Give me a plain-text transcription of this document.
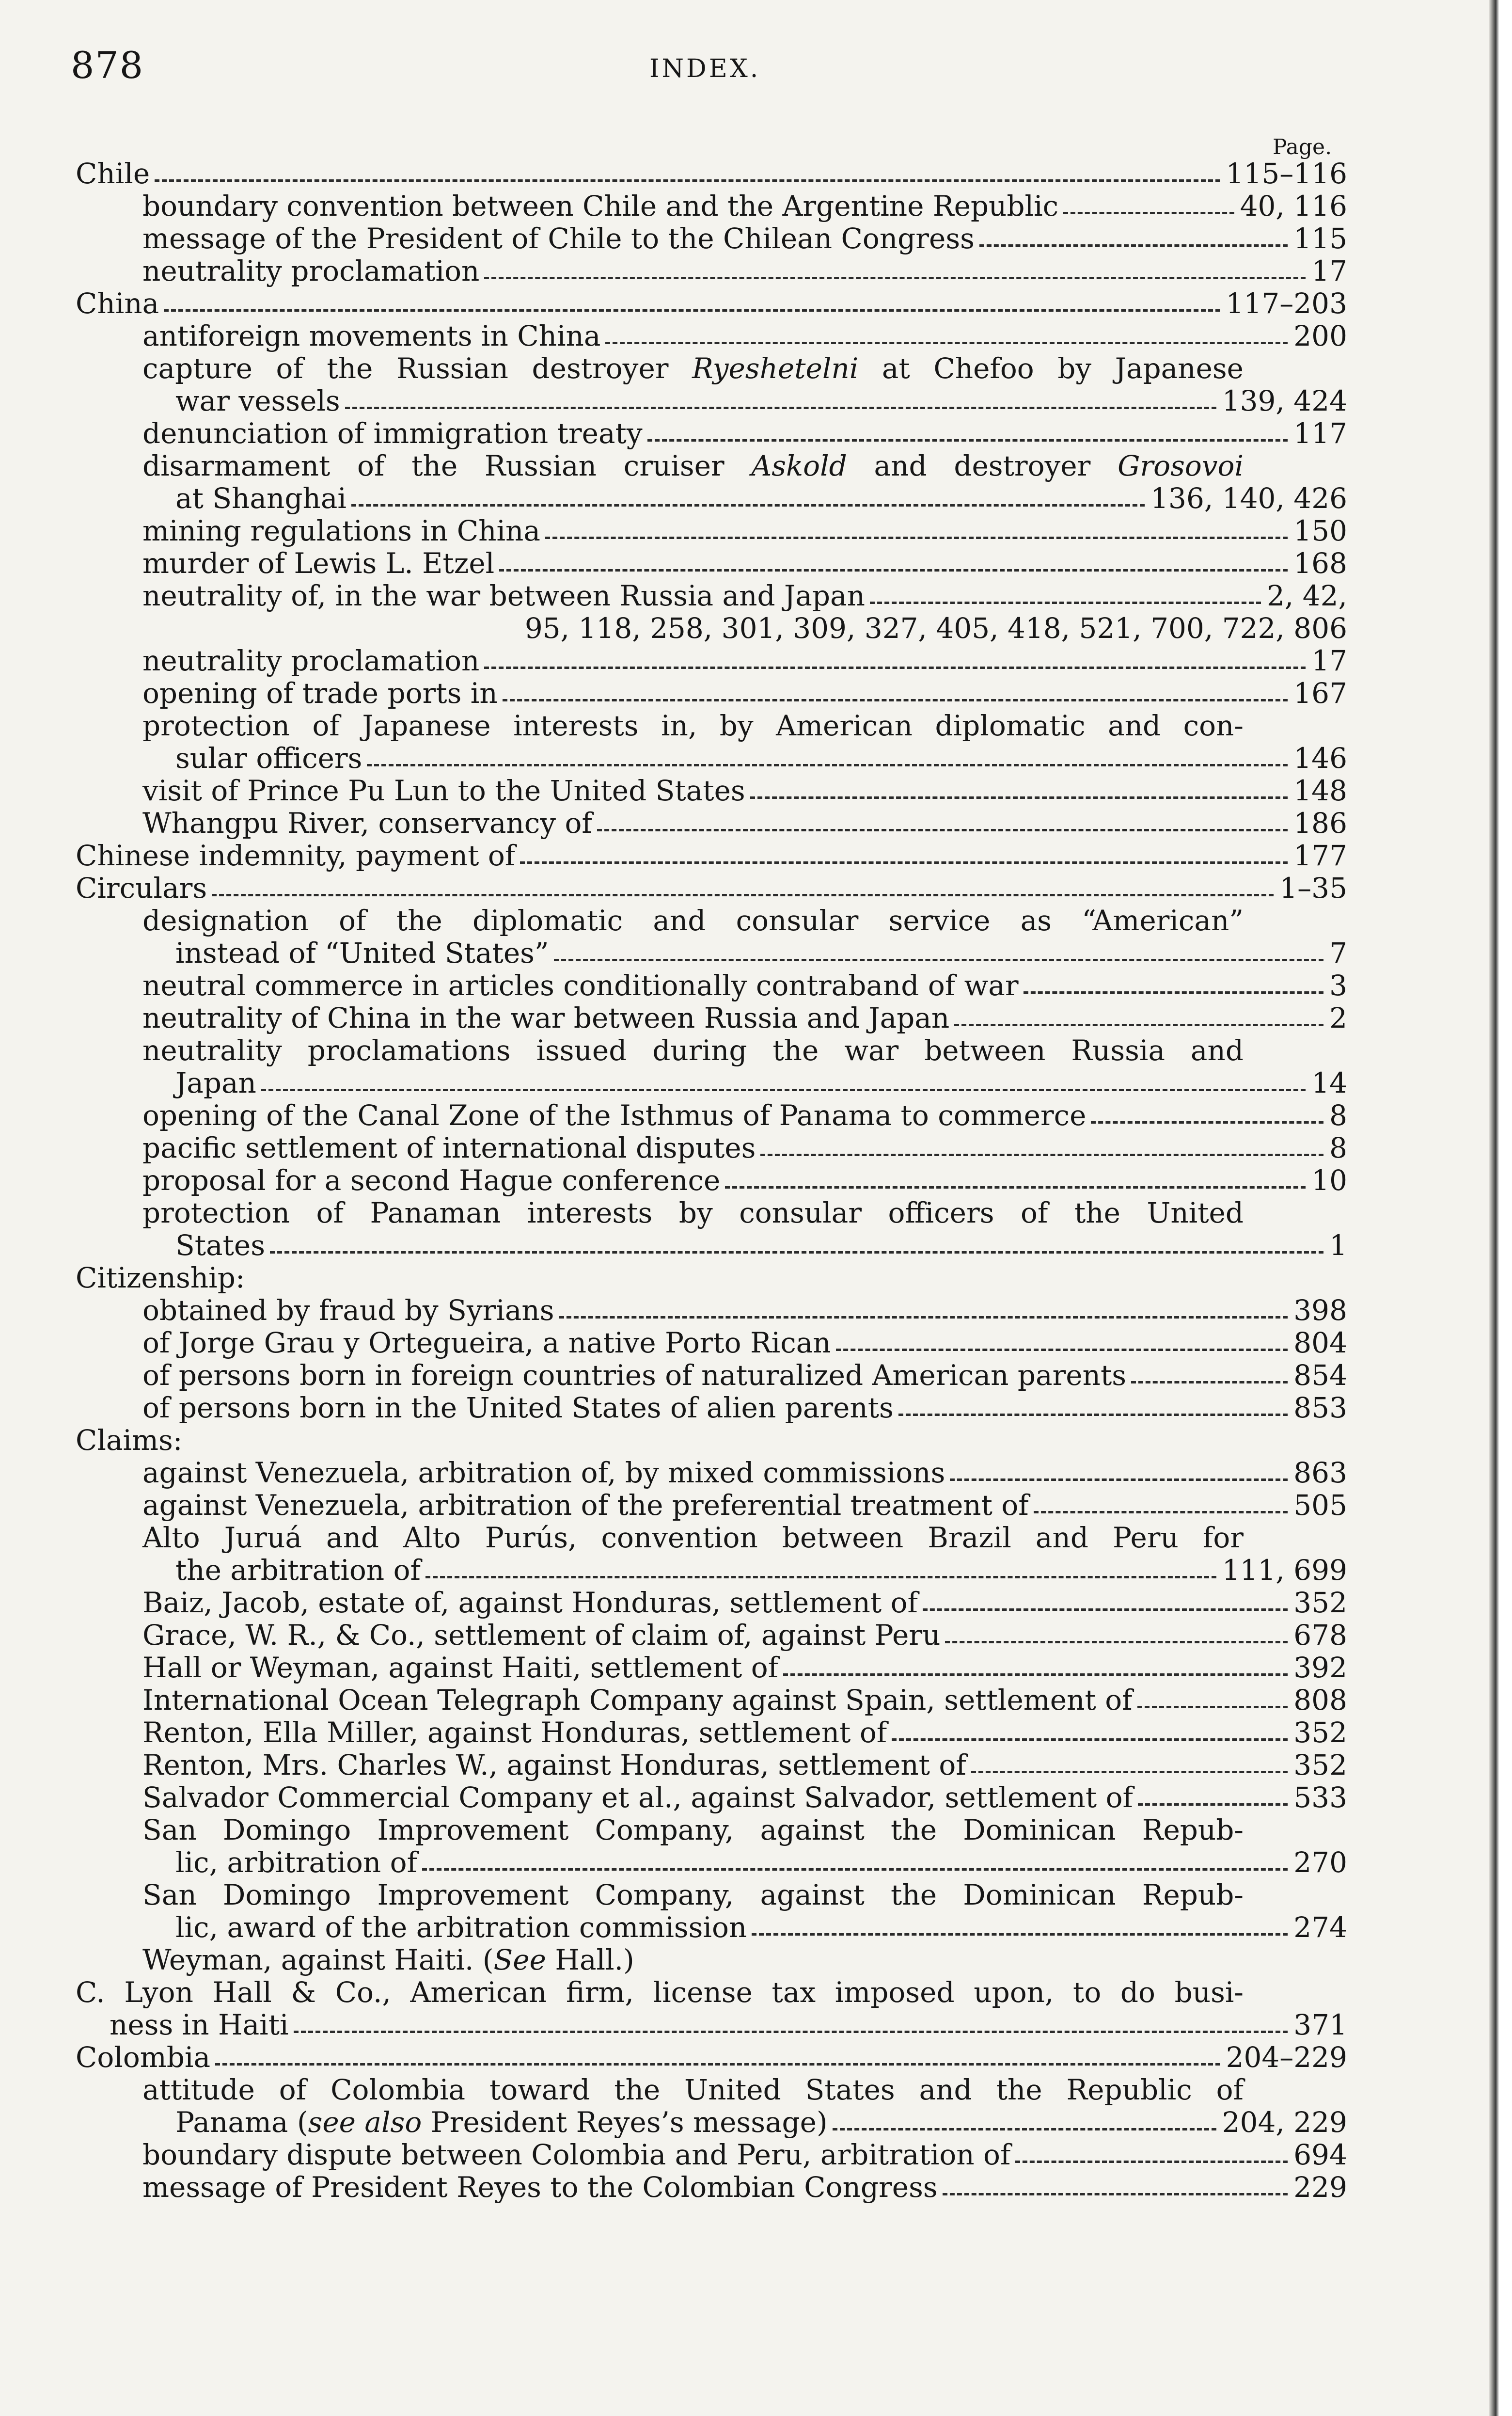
878	INDEX.
Page.
Chile	115–116
boundary convention between Chile and the Argentine Republic	40, 116
message of the President of Chile to the Chilean Congress	115
neutrality proclamation	17
China	117–203
antiforeign movements in China	200
capture of the Russian destroyer Ryeshetelni at Chefoo by Japanese
war vessels	139, 424
denunciation of immigration treaty	117
disarmament of the Russian cruiser Askold and destroyer Grosovoi
at Shanghai	136, 140, 426
mining regulations in China	150
murder of Lewis L. Etzel	168
neutrality of, in the war between Russia and Japan	2, 42,
95, 118, 258, 301, 309, 327, 405, 418, 521, 700, 722, 806
neutrality proclamation	17
opening of trade ports in	167
protection of Japanese interests in, by American diplomatic and con-
sular officers	146
visit of Prince Pu Lun to the United States	148
Whangpu River, conservancy of	186
Chinese indemnity, payment of	177
Circulars	1–35
designation of the diplomatic and consular service as “American”
instead of “United States”	7
neutral commerce in articles conditionally contraband of war	3
neutrality of China in the war between Russia and Japan	2
neutrality proclamations issued during the war between Russia and
Japan	14
opening of the Canal Zone of the Isthmus of Panama to commerce	8
pacific settlement of international disputes	8
proposal for a second Hague conference	10
protection of Panaman interests by consular officers of the United
States	1
Citizenship:
obtained by fraud by Syrians	398
of Jorge Grau y Ortegueira, a native Porto Rican	804
of persons born in foreign countries of naturalized American parents	854
of persons born in the United States of alien parents	853
Claims:
against Venezuela, arbitration of, by mixed commissions	863
against Venezuela, arbitration of the preferential treatment of	505
Alto Juruá and Alto Purús, convention between Brazil and Peru for
the arbitration of	111, 699
Baiz, Jacob, estate of, against Honduras, settlement of	352
Grace, W. R., & Co., settlement of claim of, against Peru	678
Hall or Weyman, against Haiti, settlement of	392
International Ocean Telegraph Company against Spain, settlement of	808
Renton, Ella Miller, against Honduras, settlement of	352
Renton, Mrs. Charles W., against Honduras, settlement of	352
Salvador Commercial Company et al., against Salvador, settlement of	533
San Domingo Improvement Company, against the Dominican Repub-
lic, arbitration of	270
San Domingo Improvement Company, against the Dominican Repub-
lic, award of the arbitration commission	274
Weyman, against Haiti. (See Hall.)
C. Lyon Hall & Co., American firm, license tax imposed upon, to do busi-
ness in Haiti	371
Colombia	204–229
attitude of Colombia toward the United States and the Republic of
Panama (see also President Reyes’s message)	204, 229
boundary dispute between Colombia and Peru, arbitration of	694
message of President Reyes to the Colombian Congress	229
